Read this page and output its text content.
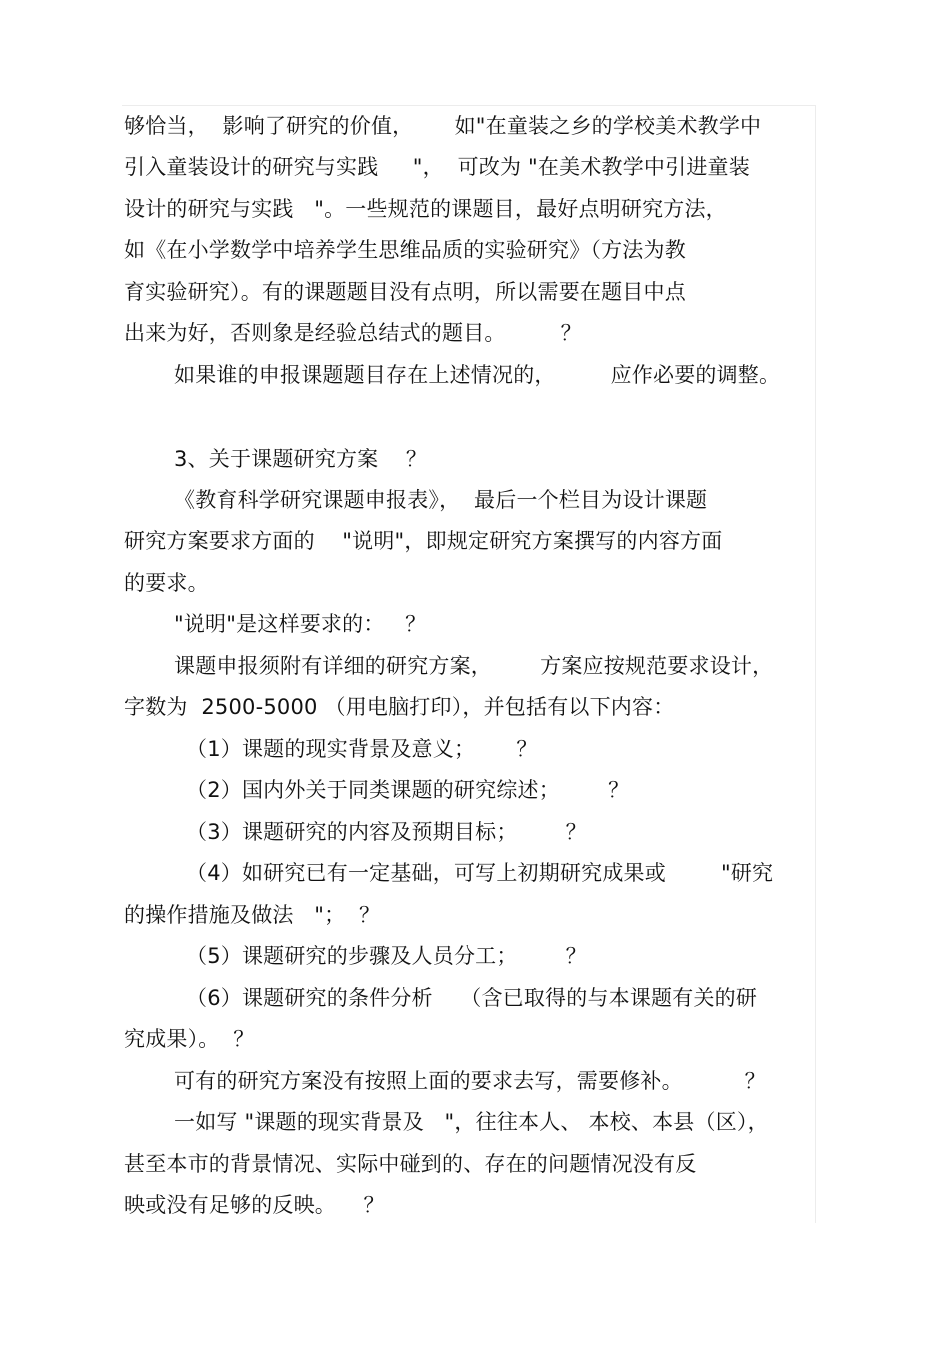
够恰当，  影响了研究的价值，      如"在童装之乡的学校美术教学中
引入童装设计的研究与实践     "，  可改为 "在美术教学中引进童装
设计的研究与实践   "。一些规范的课题目，最好点明研究方法，
如《在小学数学中培养学生思维品质的实验研究》（方法为教
育实验研究）。有的课题题目没有点明，所以需要在题目中点
出来为好，否则象是经验总结式的题目。        ？
如果谁的申报课题题目存在上述情况的，        应作必要的调整。
3、关于课题研究方案    ？
《教育科学研究课题申报表》，  最后一个栏目为设计课题
研究方案要求方面的    "说明"，即规定研究方案撰写的内容方面
的要求。
"说明"是这样要求的：   ？
课题申报须附有详细的研究方案，       方案应按规范要求设计，
字数为  2500-5000 （用电脑打印），并包括有以下内容：
（1）课题的现实背景及意义；      ？
（2）国内外关于同类课题的研究综述；       ？
（3）课题研究的内容及预期目标；       ？
（4）如研究已有一定基础，可写上初期研究成果或        "研究
的操作措施及做法   "；  ？
（5）课题研究的步骤及人员分工；       ？
（6）课题研究的条件分析    （含已取得的与本课题有关的研
究成果）。  ？
可有的研究方案没有按照上面的要求去写，需要修补。         ？
一如写 "课题的现实背景及   "，往往本人、 本校、本县（区），
甚至本市的背景情况、实际中碰到的、存在的问题情况没有反
映或没有足够的反映。    ？
